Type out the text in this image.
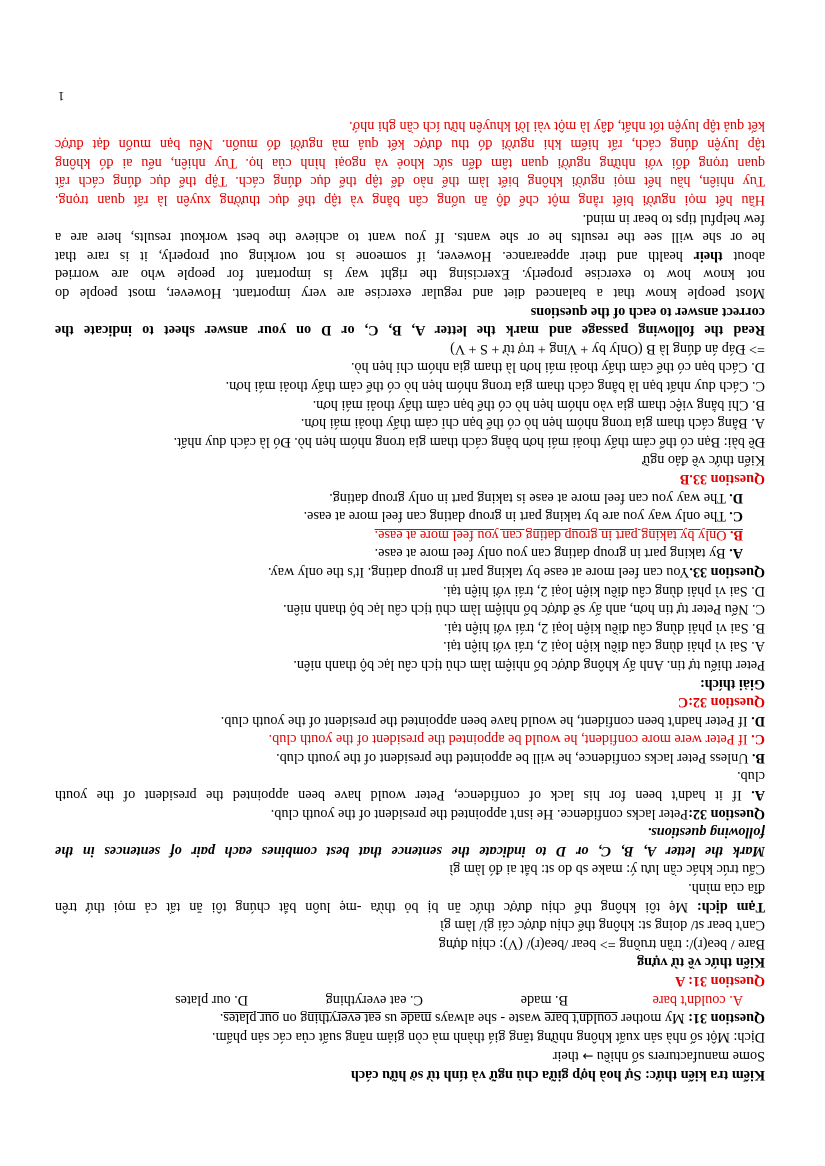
Kiểm tra kiến thức: Sự hoà hợp giữa chủ ngữ và tính từ sở hữu cách
Some manufacturers số nhiều → their
Dịch: Một số nhà sản xuất không những tăng giá thành mà còn giảm năng suất của các sản phẩm.
Question 31: My mother couldn't bare waste - she always made us eat everything on our plates.
A. couldn't bareB. madeC. eat everythingD. our plates
Question 31: A
Kiến thức về từ vựng
Bare / beə(r)/: trần truồng => bear /beə(r)/ (V): chịu đựng
Can't bear st/ doing st: không thể chịu được cái gì/ làm gì
Tạm dịch: Mẹ tôi không thể chịu được thức ăn bị bỏ thừa -mẹ luôn bắt chúng tôi ăn tất cả mọi thứ trên
đĩa của mình.
Cấu trúc khác cần lưu ý: make sb do st: bắt ai đó làm gì
Mark the letter A, B, C, or D to indicate the sentence that best combines each pair of sentences in the
following questions.
Question 32:Peter lacks confidence. He isn't appointed the president of the youth club.
A. If it hadn't been for his lack of confidence, Peter would have been appointed the president of the youth
club.
B. Unless Peter lacks confidence, he will be appointed the president of the youth club.
C. If Peter were more confident, he would be appointed the president of the youth club.
D. If Peter hadn't been confident, he would have been appointed the president of the youth club.
Question 32:C
Giải thích:
Peter thiếu tự tin. Anh ấy không được bổ nhiệm làm chủ tịch câu lạc bộ thanh niên.
A. Sai vì phải dùng câu điều kiện loại 2, trái với hiện tại.
B. Sai vì phải dùng câu điều kiện loại 2, trái với hiện tại.
C. Nếu Peter tự tin hơn, anh ấy sẽ được bổ nhiệm làm chủ tịch câu lạc bộ thanh niên.
D. Sai vì phải dùng câu điều kiện loại 2, trái với hiện tại.
Question 33.You can feel more at ease by taking part in group dating. It's the only way.
A. By taking part in group dating can you only feel more at ease.
B. Only by taking part in group dating can you feel more at ease.
C. The only way you are by taking part in group dating can feel more at ease.
D. The way you can feel more at ease is taking part in only group dating.
Question 33.B
Kiến thức về đảo ngữ
Đề bài: Bạn có thể cảm thấy thoải mái hơn bằng cách tham gia trong nhóm hẹn hò. Đó là cách duy nhất.
A. Bằng cách tham gia trong nhóm hẹn hò có thể bạn chỉ cảm thấy thoải mái hơn.
B. Chỉ bằng việc tham gia vào nhóm hẹn hò có thể bạn cảm thấy thoải mái hơn.
C. Cách duy nhất bạn là bằng cách tham gia trong nhóm hẹn hò có thể cảm thấy thoải mái hơn.
D. Cách bạn có thể cảm thấy thoải mái hơn là tham gia nhóm chỉ hẹn hò.
=> Đáp án đúng là B (Only by + Ving + trợ từ + S + V)
Read the following passage and mark the letter A, B, C, or D on your answer sheet to indicate the
correct answer to each of the questions
Most people know that a balanced diet and regular exercise are very important. However, most people do
not know how to exercise properly. Exercising the right way is important for people who are worried
about their health and their appearance. However, if someone is not working out properly, it is rare that
he or she will see the results he or she wants. If you want to achieve the best workout results, here are a
few helpful tips to bear in mind.
Hầu hết mọi người biết rằng một chế độ ăn uống cân bằng và tập thể dục thường xuyên là rất quan trọng.
Tuy nhiên, hầu hết mọi người không biết làm thế nào để tập thể dục đúng cách. Tập thể dục đúng cách rất
quan trọng đối với những người quan tâm đến sức khoẻ và ngoại hình của họ. Tuy nhiên, nếu ai đó không
tập luyện đúng cách, rất hiếm khi người đó thu được kết quả mà người đó muốn. Nếu bạn muốn đạt được
kết quả tập luyện tốt nhất, đây là một vài lời khuyên hữu ích cần ghi nhớ.
1
